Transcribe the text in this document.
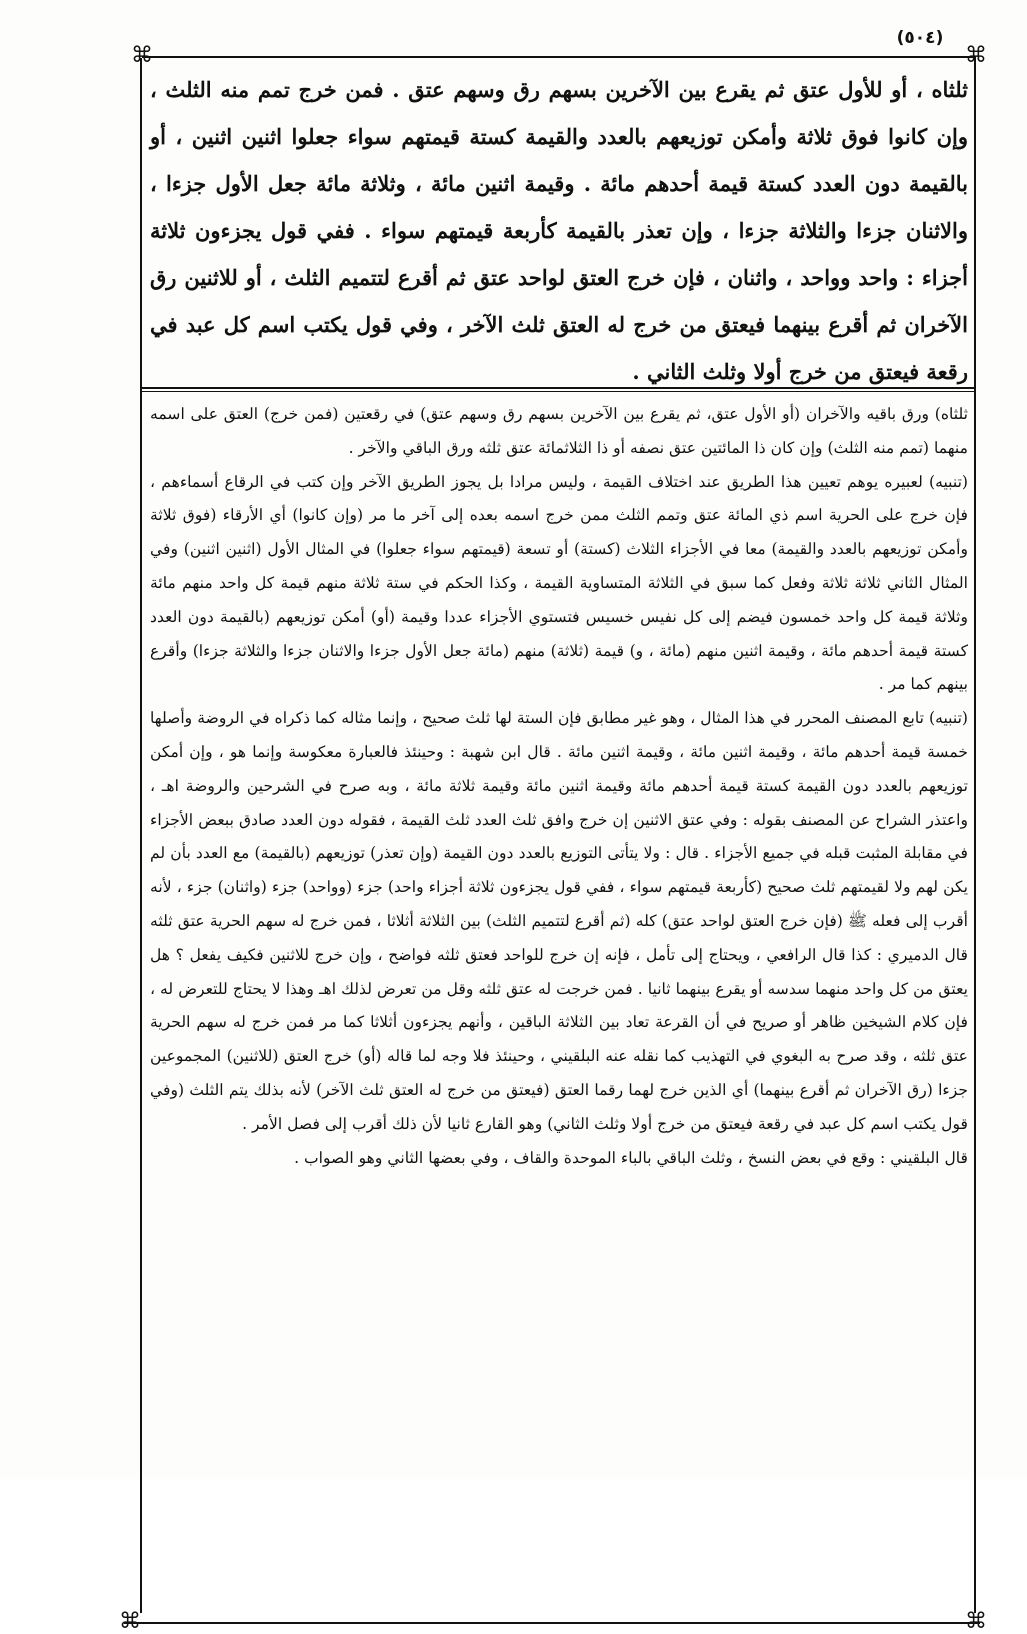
(٥٠٤)
⌘	⌘
⌘	⌘
ثلثاه ، أو للأول عتق ثم يقرع بين الآخرين بسهم رق وسهم عتق . فمن خرج تمم منه الثلث ، وإن كانوا فوق ثلاثة وأمكن توزيعهم بالعدد والقيمة كستة قيمتهم سواء جعلوا اثنين اثنين ، أو بالقيمة دون العدد كستة قيمة أحدهم مائة . وقيمة اثنين مائة ، وثلاثة مائة جعل الأول جزءا ، والاثنان جزءا والثلاثة جزءا ، وإن تعذر بالقيمة كأربعة قيمتهم سواء . ففي قول يجزءون ثلاثة أجزاء : واحد وواحد ، واثنان ، فإن خرج العتق لواحد عتق ثم أقرع لتتميم الثلث ، أو للاثنين رق الآخران ثم أقرع بينهما فيعتق من خرج له العتق ثلث الآخر ، وفي قول يكتب اسم كل عبد في رقعة فيعتق من خرج أولا وثلث الثاني .

ثلثاه) ورق باقيه والآخران (أو الأول عتق، ثم يقرع بين الآخرين بسهم رق وسهم عتق) في رقعتين (فمن خرج) العتق على اسمه منهما (تمم منه الثلث) وإن كان ذا المائتين عتق نصفه أو ذا الثلاثمائة عتق ثلثه ورق الباقي والآخر .

(تنبيه) لعبيره يوهم تعيين هذا الطريق عند اختلاف القيمة ، وليس مرادا بل يجوز الطريق الآخر وإن كتب في الرقاع أسماءهم ، فإن خرج على الحرية اسم ذي المائة عتق وتمم الثلث ممن خرج اسمه بعده إلى آخر ما مر (وإن كانوا) أي الأرقاء (فوق ثلاثة وأمكن توزيعهم بالعدد والقيمة) معا في الأجزاء الثلاث (كستة) أو تسعة (قيمتهم سواء جعلوا) في المثال الأول (اثنين اثنين) وفي المثال الثاني ثلاثة ثلاثة وفعل كما سبق في الثلاثة المتساوية القيمة ، وكذا الحكم في ستة ثلاثة منهم قيمة كل واحد منهم مائة وثلاثة قيمة كل واحد خمسون فيضم إلى كل نفيس خسيس فتستوي الأجزاء عددا وقيمة (أو) أمكن توزيعهم (بالقيمة دون العدد كستة قيمة أحدهم مائة ، وقيمة اثنين منهم (مائة ، و) قيمة (ثلاثة) منهم (مائة جعل الأول جزءا والاثنان جزءا والثلاثة جزءا) وأقرع بينهم كما مر .

(تنبيه) تابع المصنف المحرر في هذا المثال ، وهو غير مطابق فإن الستة لها ثلث صحيح ، وإنما مثاله كما ذكراه في الروضة وأصلها خمسة قيمة أحدهم مائة ، وقيمة اثنين مائة ، وقيمة اثنين مائة . قال ابن شهبة : وحينئذ فالعبارة معكوسة وإنما هو ، وإن أمكن توزيعهم بالعدد دون القيمة كستة قيمة أحدهم مائة وقيمة اثنين مائة وقيمة ثلاثة مائة ، وبه صرح في الشرحين والروضة اهـ ، واعتذر الشراح عن المصنف بقوله : وفي عتق الاثنين إن خرج وافق ثلث العدد ثلث القيمة ، فقوله دون العدد صادق ببعض الأجزاء في مقابلة المثبت قبله في جميع الأجزاء . قال : ولا يتأتى التوزيع بالعدد دون القيمة (وإن تعذر) توزيعهم (بالقيمة) مع العدد بأن لم يكن لهم ولا لقيمتهم ثلث صحيح (كأربعة قيمتهم سواء ، ففي قول يجزءون ثلاثة أجزاء واحد) جزء (وواحد) جزء (واثنان) جزء ، لأنه أقرب إلى فعله ﷺ (فإن خرج العتق لواحد عتق) كله (ثم أقرع لتتميم الثلث) بين الثلاثة أثلاثا ، فمن خرج له سهم الحرية عتق ثلثه قال الدميري : كذا قال الرافعي ، ويحتاج إلى تأمل ، فإنه إن خرج للواحد فعتق ثلثه فواضح ، وإن خرج للاثنين فكيف يفعل ؟ هل يعتق من كل واحد منهما سدسه أو يقرع بينهما ثانيا . فمن خرجت له عتق ثلثه وقل من تعرض لذلك اهـ وهذا لا يحتاج للتعرض له ، فإن كلام الشيخين ظاهر أو صريح في أن القرعة تعاد بين الثلاثة الباقين ، وأنهم يجزءون أثلاثا كما مر فمن خرج له سهم الحرية عتق ثلثه ، وقد صرح به البغوي في التهذيب كما نقله عنه البلقيني ، وحينئذ فلا وجه لما قاله (أو) خرج العتق (للاثنين) المجموعين جزءا (رق الآخران ثم أقرع بينهما) أي الذين خرج لهما رقما العتق (فيعتق من خرج له العتق ثلث الآخر) لأنه بذلك يتم الثلث (وفي قول يكتب اسم كل عبد في رقعة فيعتق من خرج أولا وثلث الثاني) وهو القارع ثانيا لأن ذلك أقرب إلى فصل الأمر .

قال البلقيني : وقع في بعض النسخ ، وثلث الباقي بالباء الموحدة والقاف ، وفي بعضها الثاني وهو الصواب .
